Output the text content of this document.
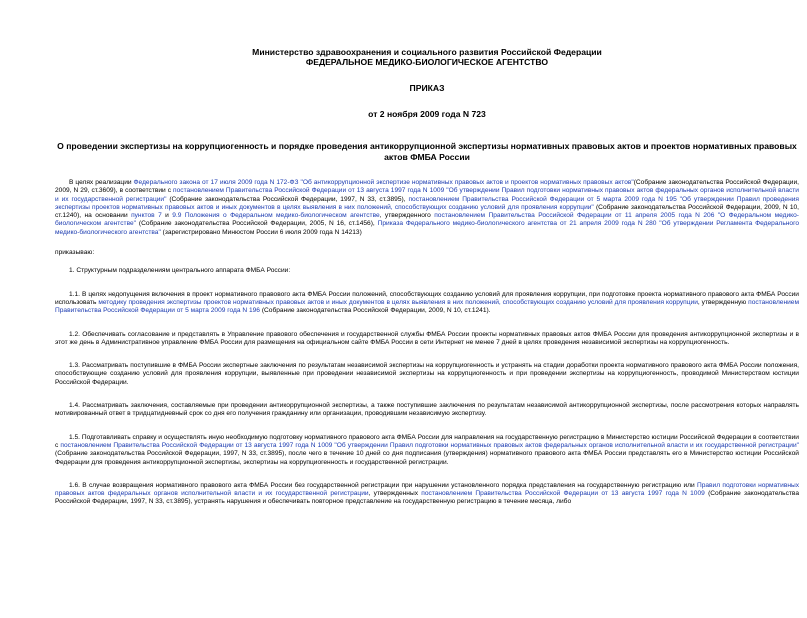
Министерство здравоохранения и социального развития Российской Федерации
ФЕДЕРАЛЬНОЕ МЕДИКО-БИОЛОГИЧЕСКОЕ АГЕНТСТВО
ПРИКАЗ
от 2 ноября 2009 года N 723
О проведении экспертизы на коррупциогенность и порядке проведения антикоррупционной экспертизы нормативных правовых актов и проектов нормативных правовых актов ФМБА России
В целях реализации Федерального закона от 17 июля 2009 года N 172-ФЗ "Об антикоррупционной экспертизе нормативных правовых актов и проектов нормативных правовых актов"(Собрание законодательства Российской Федерации, 2009, N 29, ст.3609), в соответствии с постановлением Правительства Российской Федерации от 13 августа 1997 года N 1009 "Об утверждении Правил подготовки нормативных правовых актов федеральных органов исполнительной власти и их государственной регистрации" (Собрание законодательства Российской Федерации, 1997, N 33, ст.3895), постановлением Правительства Российской Федерации от 5 марта 2009 года N 195 "Об утверждении Правил проведения экспертизы проектов нормативных правовых актов и иных документов в целях выявления в них положений, способствующих созданию условий для проявления коррупции" (Собрание законодательства Российской Федерации, 2009, N 10, ст.1240), на основании пунктов 7 и 9.9 Положения о Федеральном медико-биологическом агентстве, утвержденного постановлением Правительства Российской Федерации от 11 апреля 2005 года N 206 "О Федеральном медико-биологическом агентстве" (Собрание законодательства Российской Федерации, 2005, N 16, ст.1456), Приказа Федерального медико-биологического агентства от 21 апреля 2009 года N 280 "Об утверждении Регламента Федерального медико-биологического агентства" (зарегистрировано Минюстом России 6 июля 2009 года N 14213)
приказываю:
1. Структурным подразделениям центрального аппарата ФМБА России:
1.1. В целях недопущения включения в проект нормативного правового акта ФМБА России положений, способствующих созданию условий для проявления коррупции, при подготовке проекта нормативного правового акта ФМБА России использовать методику проведения экспертизы проектов нормативных правовых актов и иных документов в целях выявления в них положений, способствующих созданию условий для проявления коррупции, утвержденную постановлением Правительства Российской Федерации от 5 марта 2009 года N 196 (Собрание законодательства Российской Федерации, 2009, N 10, ст.1241).
1.2. Обеспечивать согласование и представлять в Управление правового обеспечения и государственной службы ФМБА России проекты нормативных правовых актов ФМБА России для проведения антикоррупционной экспертизы и в этот же день в Административное управление ФМБА России для размещения на официальном сайте ФМБА России в сети Интернет не менее 7 дней в целях проведения независимой экспертизы на коррупциогенность.
1.3. Рассматривать поступившие в ФМБА России экспертные заключения по результатам независимой экспертизы на коррупциогенность и устранять на стадии доработки проекта нормативного правового акта ФМБА России положения, способствующие созданию условий для проявления коррупции, выявленные при проведении независимой экспертизы на коррупциогенность и при проведении экспертизы на коррупциогенность, проводимой Министерством юстиции Российской Федерации.
1.4. Рассматривать заключения, составляемые при проведении антикоррупционной экспертизы, а также поступившие заключения по результатам независимой антикоррупционной экспертизы, после рассмотрения которых направлять мотивированный ответ в тридцатидневный срок со дня его получения гражданину или организации, проводившим независимую экспертизу.
1.5. Подготавливать справку и осуществлять иную необходимую подготовку нормативного правового акта ФМБА России для направления на государственную регистрацию в Министерство юстиции Российской Федерации в соответствии с постановлением Правительства Российской Федерации от 13 августа 1997 года N 1009 "Об утверждении Правил подготовки нормативных правовых актов федеральных органов исполнительной власти и их государственной регистрации" (Собрание законодательства Российской Федерации, 1997, N 33, ст.3895), после чего в течение 10 дней со дня подписания (утверждения) нормативного правового акта ФМБА России представлять его в Министерство юстиции Российской Федерации для проведения антикоррупционной экспертизы, экспертизы на коррупциогенность и государственной регистрации.
1.6. В случае возвращения нормативного правового акта ФМБА России без государственной регистрации при нарушении установленного порядка представления на государственную регистрацию или Правил подготовки нормативных правовых актов федеральных органов исполнительной власти и их государственной регистрации, утвержденных постановлением Правительства Российской Федерации от 13 августа 1997 года N 1009 (Собрание законодательства Российской Федерации, 1997, N 33, ст.3895), устранять нарушения и обеспечивать повторное представление на государственную регистрацию в течение месяца, либо
